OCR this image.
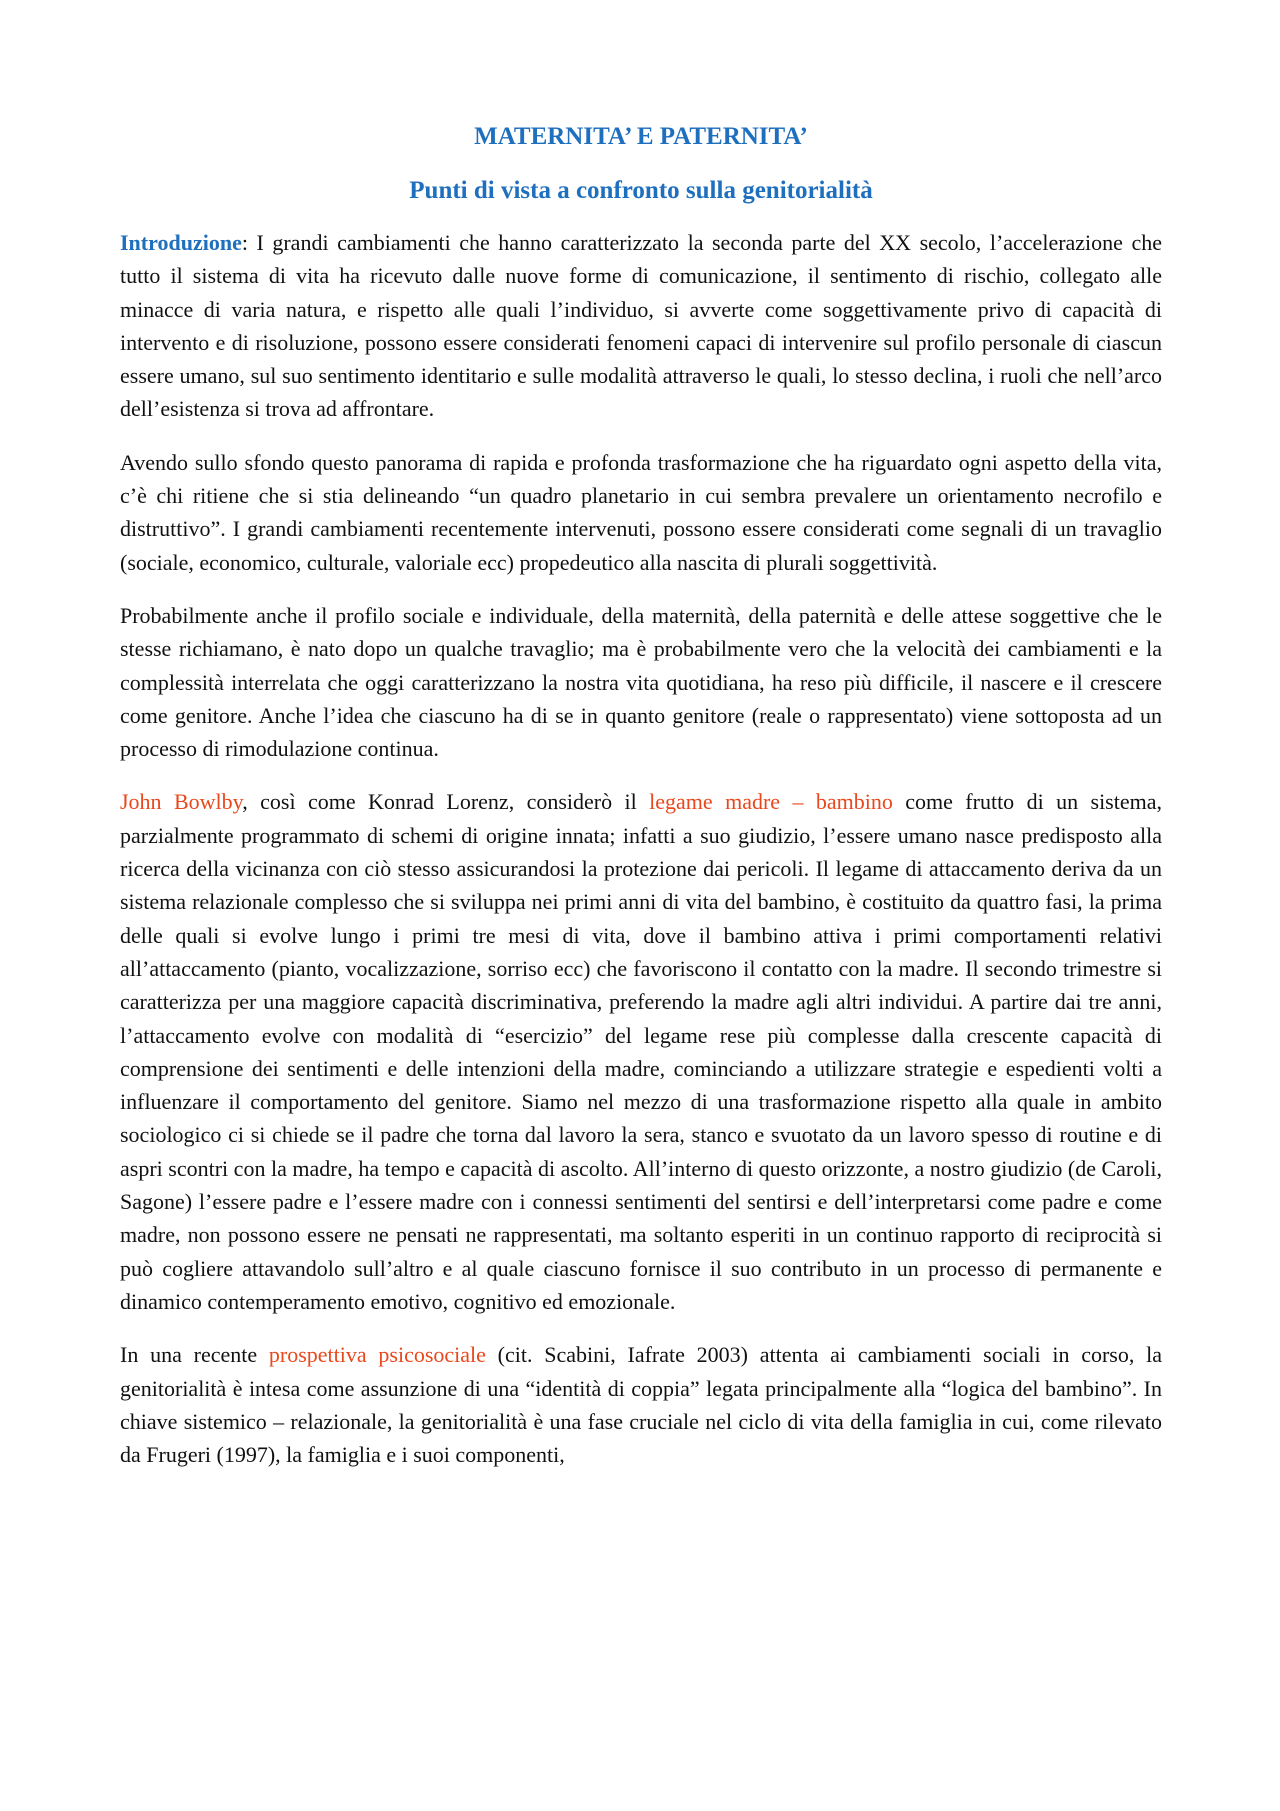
MATERNITA’ E PATERNITA’
Punti di vista a confronto sulla genitorialità

Introduzione: I grandi cambiamenti che hanno caratterizzato la seconda parte del XX secolo, l’accelerazione che tutto il sistema di vita ha ricevuto dalle nuove forme di comunicazione, il sentimento di rischio, collegato alle minacce di varia natura, e rispetto alle quali l’individuo, si avverte come soggettivamente privo di capacità di intervento e di risoluzione, possono essere considerati fenomeni capaci di intervenire sul profilo personale di ciascun essere umano, sul suo sentimento identitario e sulle modalità attraverso le quali, lo stesso declina, i ruoli che nell’arco dell’esistenza si trova ad affrontare.

Avendo sullo sfondo questo panorama di rapida e profonda trasformazione che ha riguardato ogni aspetto della vita, c’è chi ritiene che si stia delineando “un quadro planetario in cui sembra prevalere un orientamento necrofilo e distruttivo”. I grandi cambiamenti recentemente intervenuti, possono essere considerati come segnali di un travaglio (sociale, economico, culturale, valoriale ecc) propedeutico alla nascita di plurali soggettività.

Probabilmente anche il profilo sociale e individuale, della maternità, della paternità e delle attese soggettive che le stesse richiamano, è nato dopo un qualche travaglio; ma è probabilmente vero che la velocità dei cambiamenti e la complessità interrelata che oggi caratterizzano la nostra vita quotidiana, ha reso più difficile, il nascere e il crescere come genitore. Anche l’idea che ciascuno ha di se in quanto genitore (reale o rappresentato) viene sottoposta ad un processo di rimodulazione continua.

John Bowlby, così come Konrad Lorenz, considerò il legame madre – bambino come frutto di un sistema, parzialmente programmato di schemi di origine innata; infatti a suo giudizio, l’essere umano nasce predisposto alla ricerca della vicinanza con ciò stesso assicurandosi la protezione dai pericoli. Il legame di attaccamento deriva da un sistema relazionale complesso che si sviluppa nei primi anni di vita del bambino, è costituito da quattro fasi, la prima delle quali si evolve lungo i primi tre mesi di vita, dove il bambino attiva i primi comportamenti relativi all’attaccamento (pianto, vocalizzazione, sorriso ecc) che favoriscono il contatto con la madre. Il secondo trimestre si caratterizza per una maggiore capacità discriminativa, preferendo la madre agli altri individui. A partire dai tre anni, l’attaccamento evolve con modalità di “esercizio” del legame rese più complesse dalla crescente capacità di comprensione dei sentimenti e delle intenzioni della madre, cominciando a utilizzare strategie e espedienti volti a influenzare il comportamento del genitore. Siamo nel mezzo di una trasformazione rispetto alla quale in ambito sociologico ci si chiede se il padre che torna dal lavoro la sera, stanco e svuotato da un lavoro spesso di routine e di aspri scontri con la madre, ha tempo e capacità di ascolto. All’interno di questo orizzonte, a nostro giudizio (de Caroli, Sagone) l’essere padre e l’essere madre con i connessi sentimenti del sentirsi e dell’interpretarsi come padre e come madre, non possono essere ne pensati ne rappresentati, ma soltanto esperiti in un continuo rapporto di reciprocità si può cogliere attavandolo sull’altro e al quale ciascuno fornisce il suo contributo in un processo di permanente e dinamico contemperamento emotivo, cognitivo ed emozionale.

In una recente prospettiva psicosociale (cit. Scabini, Iafrate 2003) attenta ai cambiamenti sociali in corso, la genitorialità è intesa come assunzione di una “identità di coppia” legata principalmente alla “logica del bambino”. In chiave sistemico – relazionale, la genitorialità è una fase cruciale nel ciclo di vita della famiglia in cui, come rilevato da Frugeri (1997), la famiglia e i suoi componenti,
